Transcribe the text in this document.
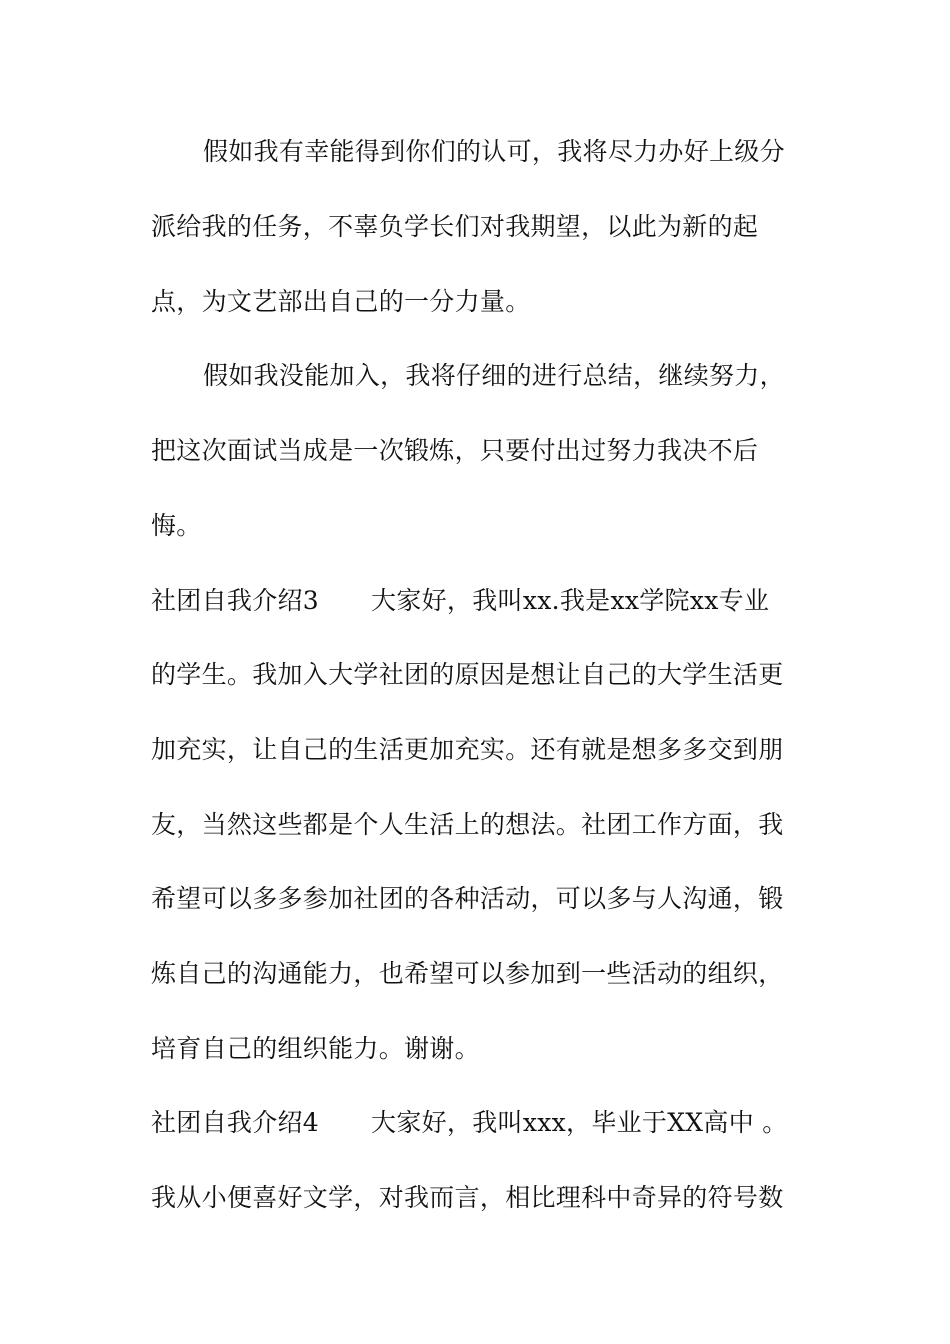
假如我有幸能得到你们的认可，我将尽力办好上级分
派给我的任务，不辜负学长们对我期望，以此为新的起
点，为文艺部出自己的一分力量。
假如我没能加入，我将仔细的进行总结，继续努力，
把这次面试当成是一次锻炼，只要付出过努力我决不后
悔。
社团自我介绍3 大家好，我叫xx.我是xx学院xx专业
的学生。我加入大学社团的原因是想让自己的大学生活更
加充实，让自己的生活更加充实。还有就是想多多交到朋
友，当然这些都是个人生活上的想法。社团工作方面，我
希望可以多多参加社团的各种活动，可以多与人沟通，锻
炼自己的沟通能力，也希望可以参加到一些活动的组织，
培育自己的组织能力。谢谢。
社团自我介绍4 大家好，我叫xxx，毕业于XX高中 。
我从小便喜好文学，对我而言，相比理科中奇异的符号数
